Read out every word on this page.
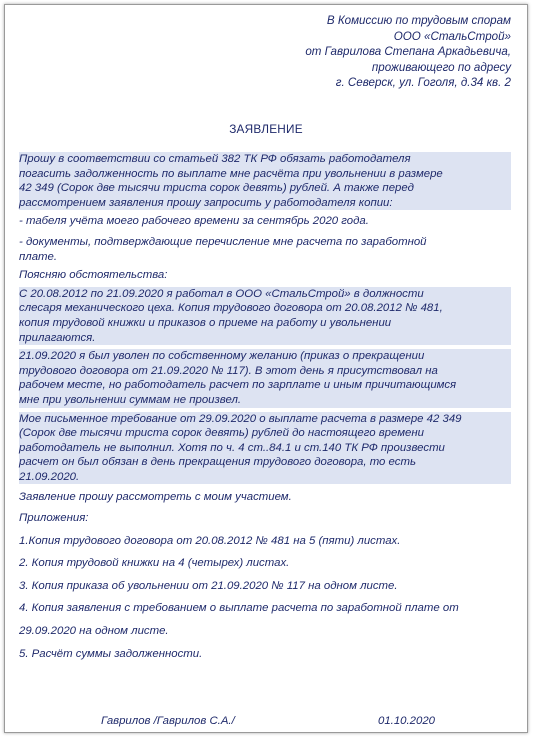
В Комиссию по трудовым спорам
ООО «СтальСтрой»
от Гаврилова Степана Аркадьевича,
проживающего по адресу
г. Северск, ул. Гоголя, д.34 кв. 2
ЗАЯВЛЕНИЕ

Прошу в соответствии со статьей 382 ТК РФ обязать работодателя

погасить задолженность по выплате мне расчёта при увольнении в размере

42 349 (Сорок две тысячи триста сорок девять) рублей. А также перед

рассмотрением заявления прошу запросить у работодателя копии:

- табеля учёта моего рабочего времени за сентябрь 2020 года.

- документы, подтверждающие перечисление мне расчета по заработной

плате.

Поясняю обстоятельства:

С 20.08.2012 по 21.09.2020 я работал в ООО «СтальСтрой» в должности

слесаря механического цеха. Копия трудового договора от 20.08.2012 № 481,

копия трудовой книжки и приказов о приеме на работу и увольнении

прилагаются.

21.09.2020 я был уволен по собственному желанию (приказ о прекращении

трудового договора от 21.09.2020 № 117). В этот день я присутствовал на

рабочем месте, но работодатель расчет по зарплате и иным причитающимся

мне при увольнении суммам не произвел.

Мое письменное требование от 29.09.2020 о выплате расчета в размере 42 349

(Сорок две тысячи триста сорок девять) рублей до настоящего времени

работодатель не выполнил. Хотя по ч. 4 ст..84.1 и ст.140 ТК РФ произвести

расчет он был обязан в день прекращения трудового договора, то есть

21.09.2020.

Заявление прошу рассмотреть с моим участием.

Приложения:

1.Копия трудового договора от 20.08.2012 № 481 на 5 (пяти) листах.

2. Копия трудовой книжки на 4 (четырех) листах.

3. Копия приказа об увольнении от 21.09.2020 № 117 на одном листе.

4. Копия заявления с требованием о выплате расчета по заработной плате от

29.09.2020 на одном листе.

5. Расчёт суммы задолженности.

Гаврилов /Гаврилов С.А./	01.10.2020
